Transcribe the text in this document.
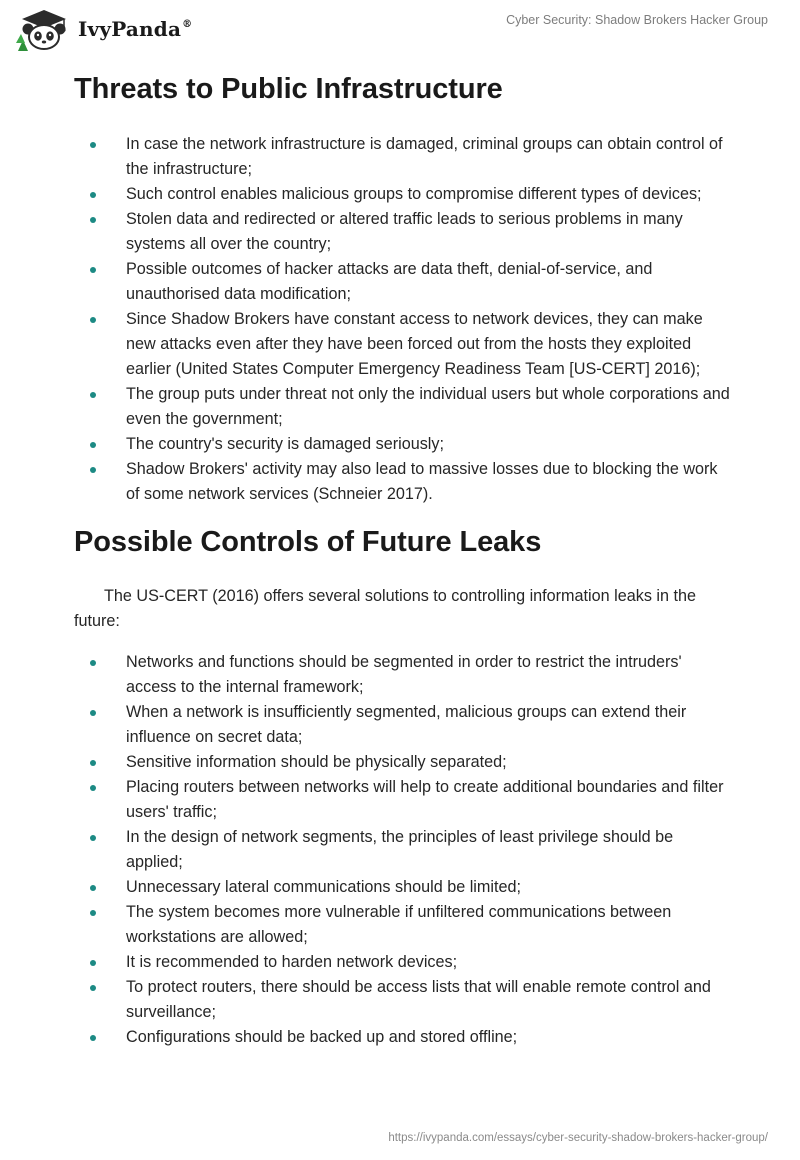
IvyPanda®	Cyber Security: Shadow Brokers Hacker Group
Threats to Public Infrastructure
In case the network infrastructure is damaged, criminal groups can obtain control of the infrastructure;
Such control enables malicious groups to compromise different types of devices;
Stolen data and redirected or altered traffic leads to serious problems in many systems all over the country;
Possible outcomes of hacker attacks are data theft, denial-of-service, and unauthorised data modification;
Since Shadow Brokers have constant access to network devices, they can make new attacks even after they have been forced out from the hosts they exploited earlier (United States Computer Emergency Readiness Team [US-CERT] 2016);
The group puts under threat not only the individual users but whole corporations and even the government;
The country's security is damaged seriously;
Shadow Brokers' activity may also lead to massive losses due to blocking the work of some network services (Schneier 2017).
Possible Controls of Future Leaks

The US-CERT (2016) offers several solutions to controlling information leaks in the future:

Networks and functions should be segmented in order to restrict the intruders' access to the internal framework;
When a network is insufficiently segmented, malicious groups can extend their influence on secret data;
Sensitive information should be physically separated;
Placing routers between networks will help to create additional boundaries and filter users' traffic;
In the design of network segments, the principles of least privilege should be applied;
Unnecessary lateral communications should be limited;
The system becomes more vulnerable if unfiltered communications between workstations are allowed;
It is recommended to harden network devices;
To protect routers, there should be access lists that will enable remote control and surveillance;
Configurations should be backed up and stored offline;
https://ivypanda.com/essays/cyber-security-shadow-brokers-hacker-group/
